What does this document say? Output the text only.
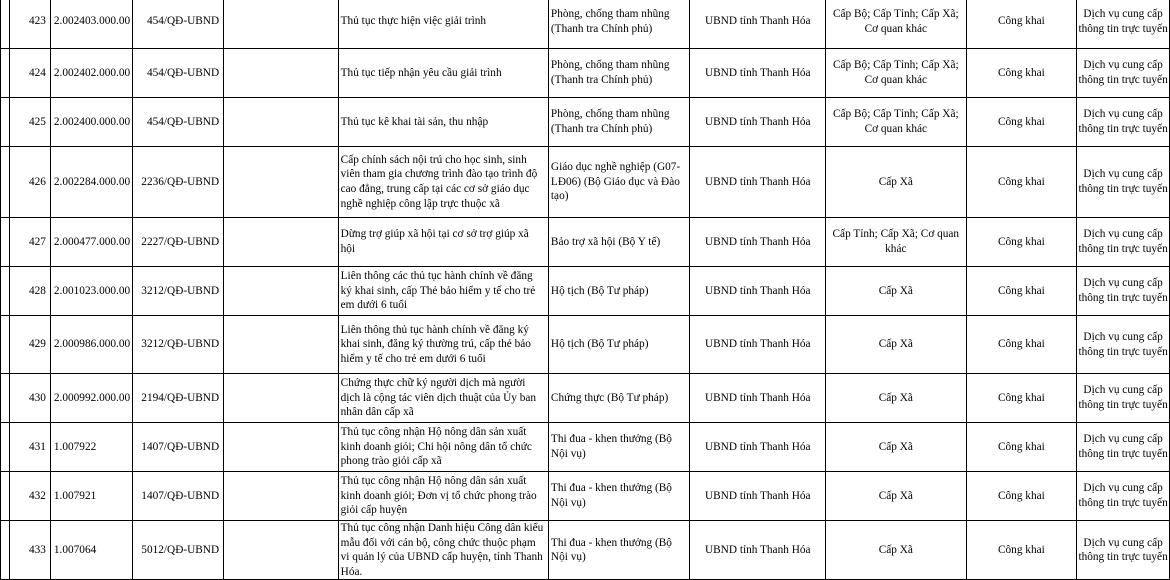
	423	2.002403.000.00	454/QĐ-UBND		Thủ tục thực hiện việc giải trình	Phòng, chống tham nhũng (Thanh tra Chính phủ)	UBND tỉnh Thanh Hóa	Cấp Bộ; Cấp Tỉnh; Cấp Xã; Cơ quan khác	Công khai	Dịch vụ cung cấp thông tin trực tuyến
	424	2.002402.000.00	454/QĐ-UBND		Thủ tục tiếp nhận yêu cầu giải trình	Phòng, chống tham nhũng (Thanh tra Chính phủ)	UBND tỉnh Thanh Hóa	Cấp Bộ; Cấp Tỉnh; Cấp Xã; Cơ quan khác	Công khai	Dịch vụ cung cấp thông tin trực tuyến
	425	2.002400.000.00	454/QĐ-UBND		Thủ tục kê khai tài sản, thu nhập	Phòng, chống tham nhũng (Thanh tra Chính phủ)	UBND tỉnh Thanh Hóa	Cấp Bộ; Cấp Tỉnh; Cấp Xã; Cơ quan khác	Công khai	Dịch vụ cung cấp thông tin trực tuyến
	426	2.002284.000.00	2236/QĐ-UBND		Cấp chính sách nội trú cho học sinh, sinh viên tham gia chương trình đào tạo trình độ cao đẳng, trung cấp tại các cơ sở giáo dục nghề nghiệp công lập trực thuộc xã	Giáo dục nghề nghiệp (G07-LĐ06) (Bộ Giáo dục và Đào tạo)	UBND tỉnh Thanh Hóa	Cấp Xã	Công khai	Dịch vụ cung cấp thông tin trực tuyến
	427	2.000477.000.00	2227/QĐ-UBND		Dừng trợ giúp xã hội tại cơ sở trợ giúp xã hội	Bảo trợ xã hội (Bộ Y tế)	UBND tỉnh Thanh Hóa	Cấp Tỉnh; Cấp Xã; Cơ quan khác	Công khai	Dịch vụ cung cấp thông tin trực tuyến
	428	2.001023.000.00	3212/QĐ-UBND		Liên thông các thủ tục hành chính về đăng ký khai sinh, cấp Thẻ bảo hiểm y tế cho trẻ em dưới 6 tuổi	Hộ tịch (Bộ Tư pháp)	UBND tỉnh Thanh Hóa	Cấp Xã	Công khai	Dịch vụ cung cấp thông tin trực tuyến
	429	2.000986.000.00	3212/QĐ-UBND		Liên thông thủ tục hành chính về đăng ký khai sinh, đăng ký thường trú, cấp thẻ bảo hiểm y tế cho trẻ em dưới 6 tuổi	Hộ tịch (Bộ Tư pháp)	UBND tỉnh Thanh Hóa	Cấp Xã	Công khai	Dịch vụ cung cấp thông tin trực tuyến
	430	2.000992.000.00	2194/QĐ-UBND		Chứng thực chữ ký người dịch mà người dịch là cộng tác viên dịch thuật của Ủy ban nhân dân cấp xã	Chứng thực (Bộ Tư pháp)	UBND tỉnh Thanh Hóa	Cấp Xã	Công khai	Dịch vụ cung cấp thông tin trực tuyến
	431	1.007922	1407/QĐ-UBND		Thủ tục công nhận Hộ nông dân sản xuất kinh doanh giỏi; Chi hội nông dân tổ chức phong trào giỏi cấp xã	Thi đua - khen thưởng (Bộ Nội vụ)	UBND tỉnh Thanh Hóa	Cấp Xã	Công khai	Dịch vụ cung cấp thông tin trực tuyến
	432	1.007921	1407/QĐ-UBND		Thủ tục công nhận Hộ nông dân sản xuất kinh doanh giỏi; Đơn vị tổ chức phong trào giỏi cấp huyện	Thi đua - khen thưởng (Bộ Nội vụ)	UBND tỉnh Thanh Hóa	Cấp Xã	Công khai	Dịch vụ cung cấp thông tin trực tuyến
	433	1.007064	5012/QĐ-UBND		Thủ tục công nhận Danh hiệu Công dân kiểu mẫu đối với cán bộ, công chức thuộc phạm vi quản lý của UBND cấp huyện, tỉnh Thanh Hóa.	Thi đua - khen thưởng (Bộ Nội vụ)	UBND tỉnh Thanh Hóa	Cấp Xã	Công khai	Dịch vụ cung cấp thông tin trực tuyến
